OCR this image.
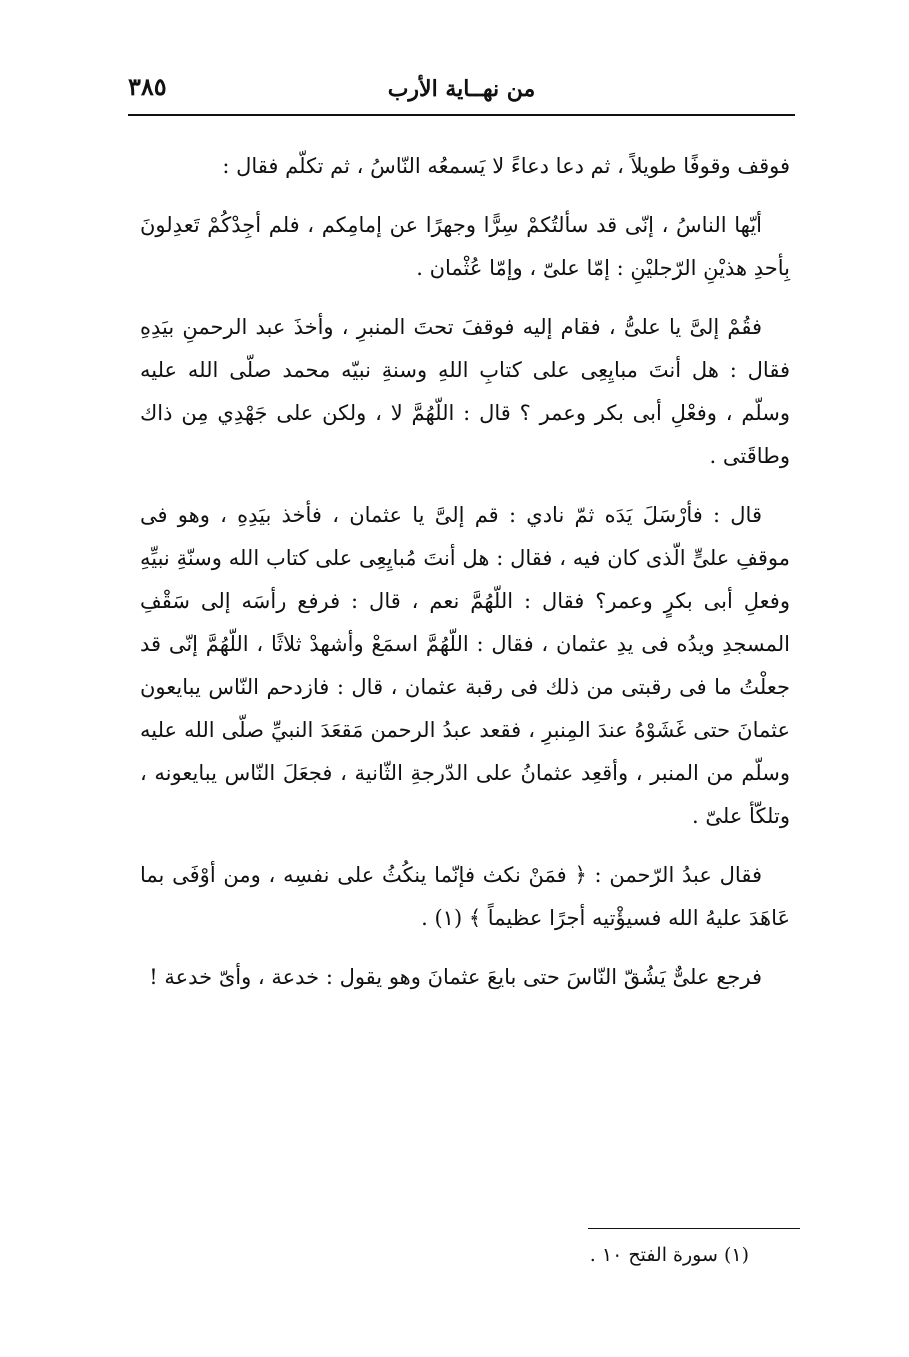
من نهــاية الأرب
٣٨٥

فوقف وقوفًا طويلاً ، ثم دعا دعاءً لا يَسمعُه النّاسُ ، ثم تكلّم فقال :

أيّها الناسُ ، إنّى قد سألتُكمْ سِرًّا وجهرًا عن إمامِكم ، فلم أجِدْكُمْ تَعدِلونَ بِأحدِ هذيْنِ الرّجليْنِ : إمّا علىّ ، وإمّا عُثْمان .

فقُمْ إلىَّ يا علىُّ ، فقام إليه فوقفَ تحتَ المنبرِ ، وأخذَ عبد الرحمنِ بيَدِهِ فقال : هل أنتَ مبايِعِى على كتابِ اللهِ وسنةِ نبيّه محمد صلّى الله عليه وسلّم ، وفعْلِ أبى بكر وعمر ؟ قال : اللّهُمَّ لا ، ولكن على جَهْدِي مِن ذاك وطاقَتى .

قال : فأرْسَلَ يَدَه ثمّ نادي : قم إلىَّ يا عثمان ، فأخذ بيَدِهِ ، وهو فى موقفِ علىٍّ الّذى كان فيه ، فقال : هل أنتَ مُبايِعِى على كتاب الله وسنّةِ نبيِّهِ وفعلِ أبى بكرٍ وعمر؟ فقال : اللّهُمَّ نعم ، قال : فرفع رأسَه إلى سَقْفِ المسجدِ ويدُه فى يدِ عثمان ، فقال : اللّهُمَّ اسمَعْ وأشهدْ ثلاثًا ، اللّهُمَّ إنّى قد جعلْتُ ما فى رقبتى من ذلك فى رقبة عثمان ، قال : فازدحم النّاس يبايعون عثمانَ حتى غَشَوْهُ عندَ المِنبرِ ، فقعد عبدُ الرحمن مَقعَدَ النبيِّ صلّى الله عليه وسلّم من المنبر ، وأقعِد عثمانُ على الدّرجةِ الثّانية ، فجعَلَ النّاس يبايعونه ، وتلكّأ علىّ .

فقال عبدُ الرّحمن : ﴿ فمَنْ نكث فإنّما ينكُثُ على نفسِه ، ومن أوْفَى بما عَاهَدَ عليهُ الله فسيؤْتيه أجرًا عظيماً ﴾ (١) .

فرجع علىٌّ يَشُقّ النّاسَ حتى بايعَ عثمانَ وهو يقول : خدعة ، وأىّ خدعة !

(١) سورة الفتح ١٠ .
